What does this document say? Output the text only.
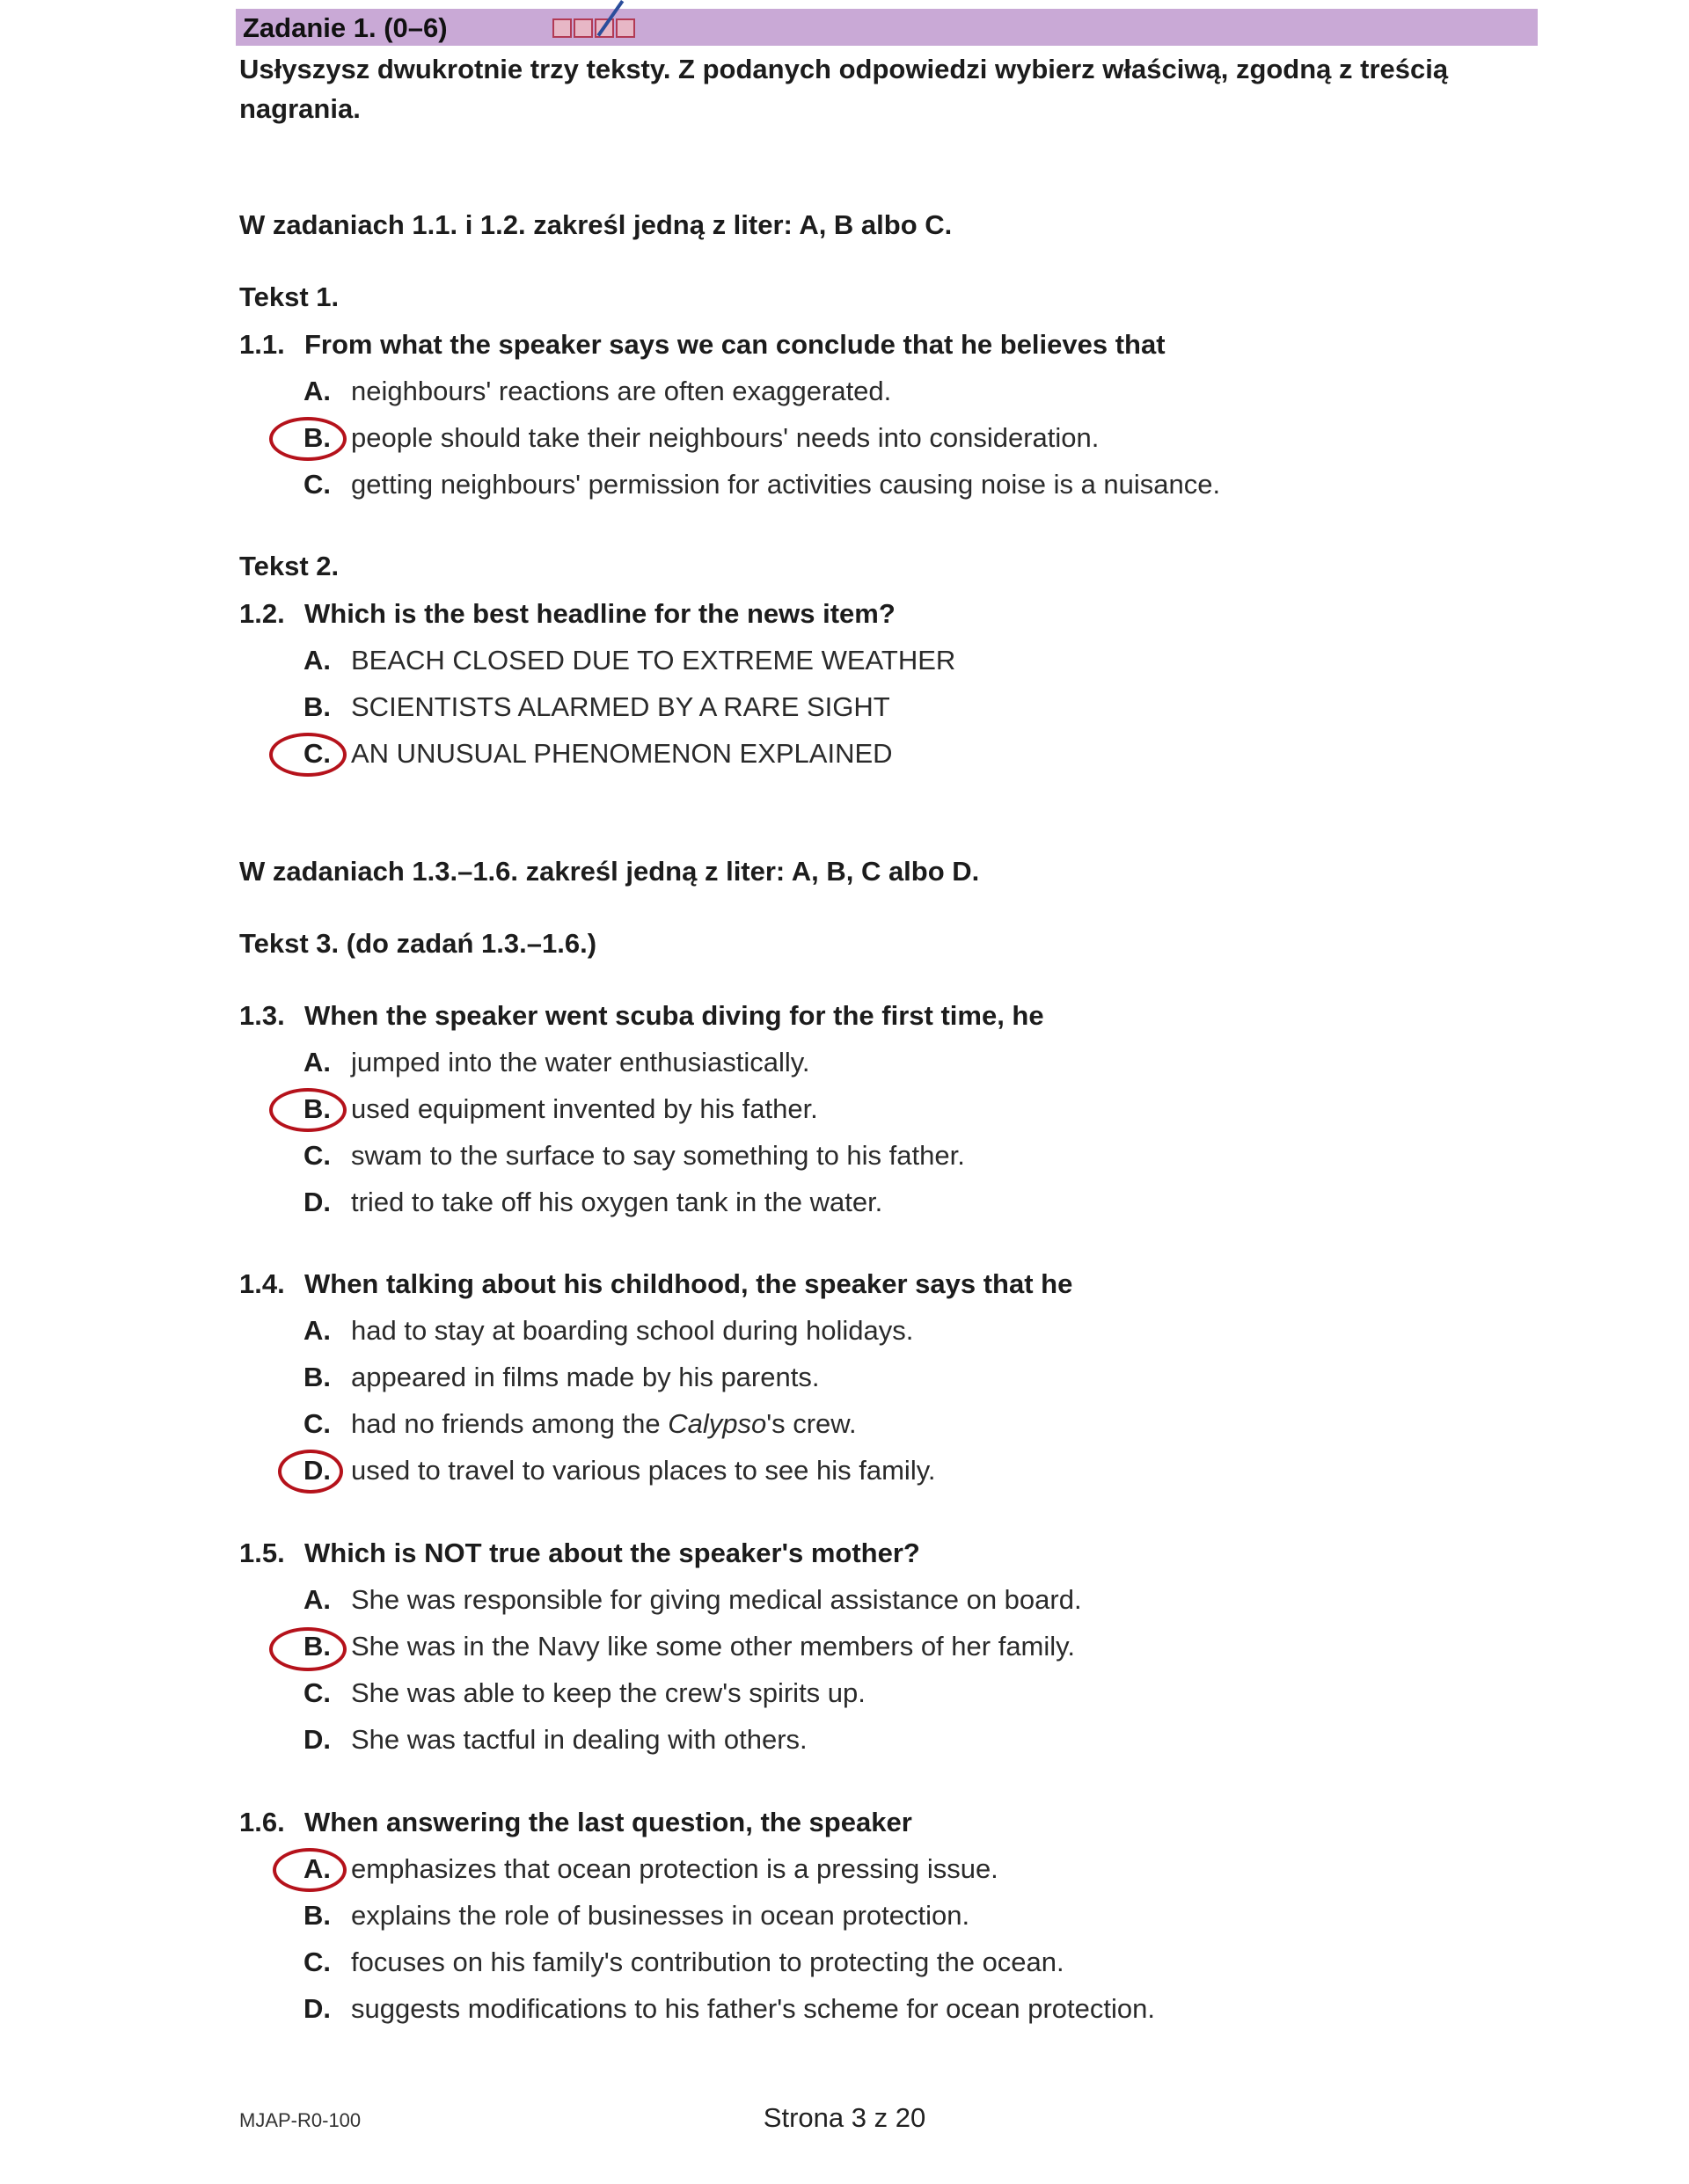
Zadanie 1. (0–6)
Usłyszysz dwukrotnie trzy teksty. Z podanych odpowiedzi wybierz właściwą, zgodną z treścią nagrania.
W zadaniach 1.1. i 1.2. zakreśl jedną z liter: A, B albo C.
Tekst 1.
1.1. From what the speaker says we can conclude that he believes that
A. neighbours' reactions are often exaggerated.
B. people should take their neighbours' needs into consideration.
C. getting neighbours' permission for activities causing noise is a nuisance.
Tekst 2.
1.2. Which is the best headline for the news item?
A. BEACH CLOSED DUE TO EXTREME WEATHER
B. SCIENTISTS ALARMED BY A RARE SIGHT
C. AN UNUSUAL PHENOMENON EXPLAINED
W zadaniach 1.3.–1.6. zakreśl jedną z liter: A, B, C albo D.
Tekst 3. (do zadań 1.3.–1.6.)
1.3. When the speaker went scuba diving for the first time, he
A. jumped into the water enthusiastically.
B. used equipment invented by his father.
C. swam to the surface to say something to his father.
D. tried to take off his oxygen tank in the water.
1.4. When talking about his childhood, the speaker says that he
A. had to stay at boarding school during holidays.
B. appeared in films made by his parents.
C. had no friends among the Calypso's crew.
D. used to travel to various places to see his family.
1.5. Which is NOT true about the speaker's mother?
A. She was responsible for giving medical assistance on board.
B. She was in the Navy like some other members of her family.
C. She was able to keep the crew's spirits up.
D. She was tactful in dealing with others.
1.6. When answering the last question, the speaker
A. emphasizes that ocean protection is a pressing issue.
B. explains the role of businesses in ocean protection.
C. focuses on his family's contribution to protecting the ocean.
D. suggests modifications to his father's scheme for ocean protection.
MJAP-R0-100	Strona 3 z 20
